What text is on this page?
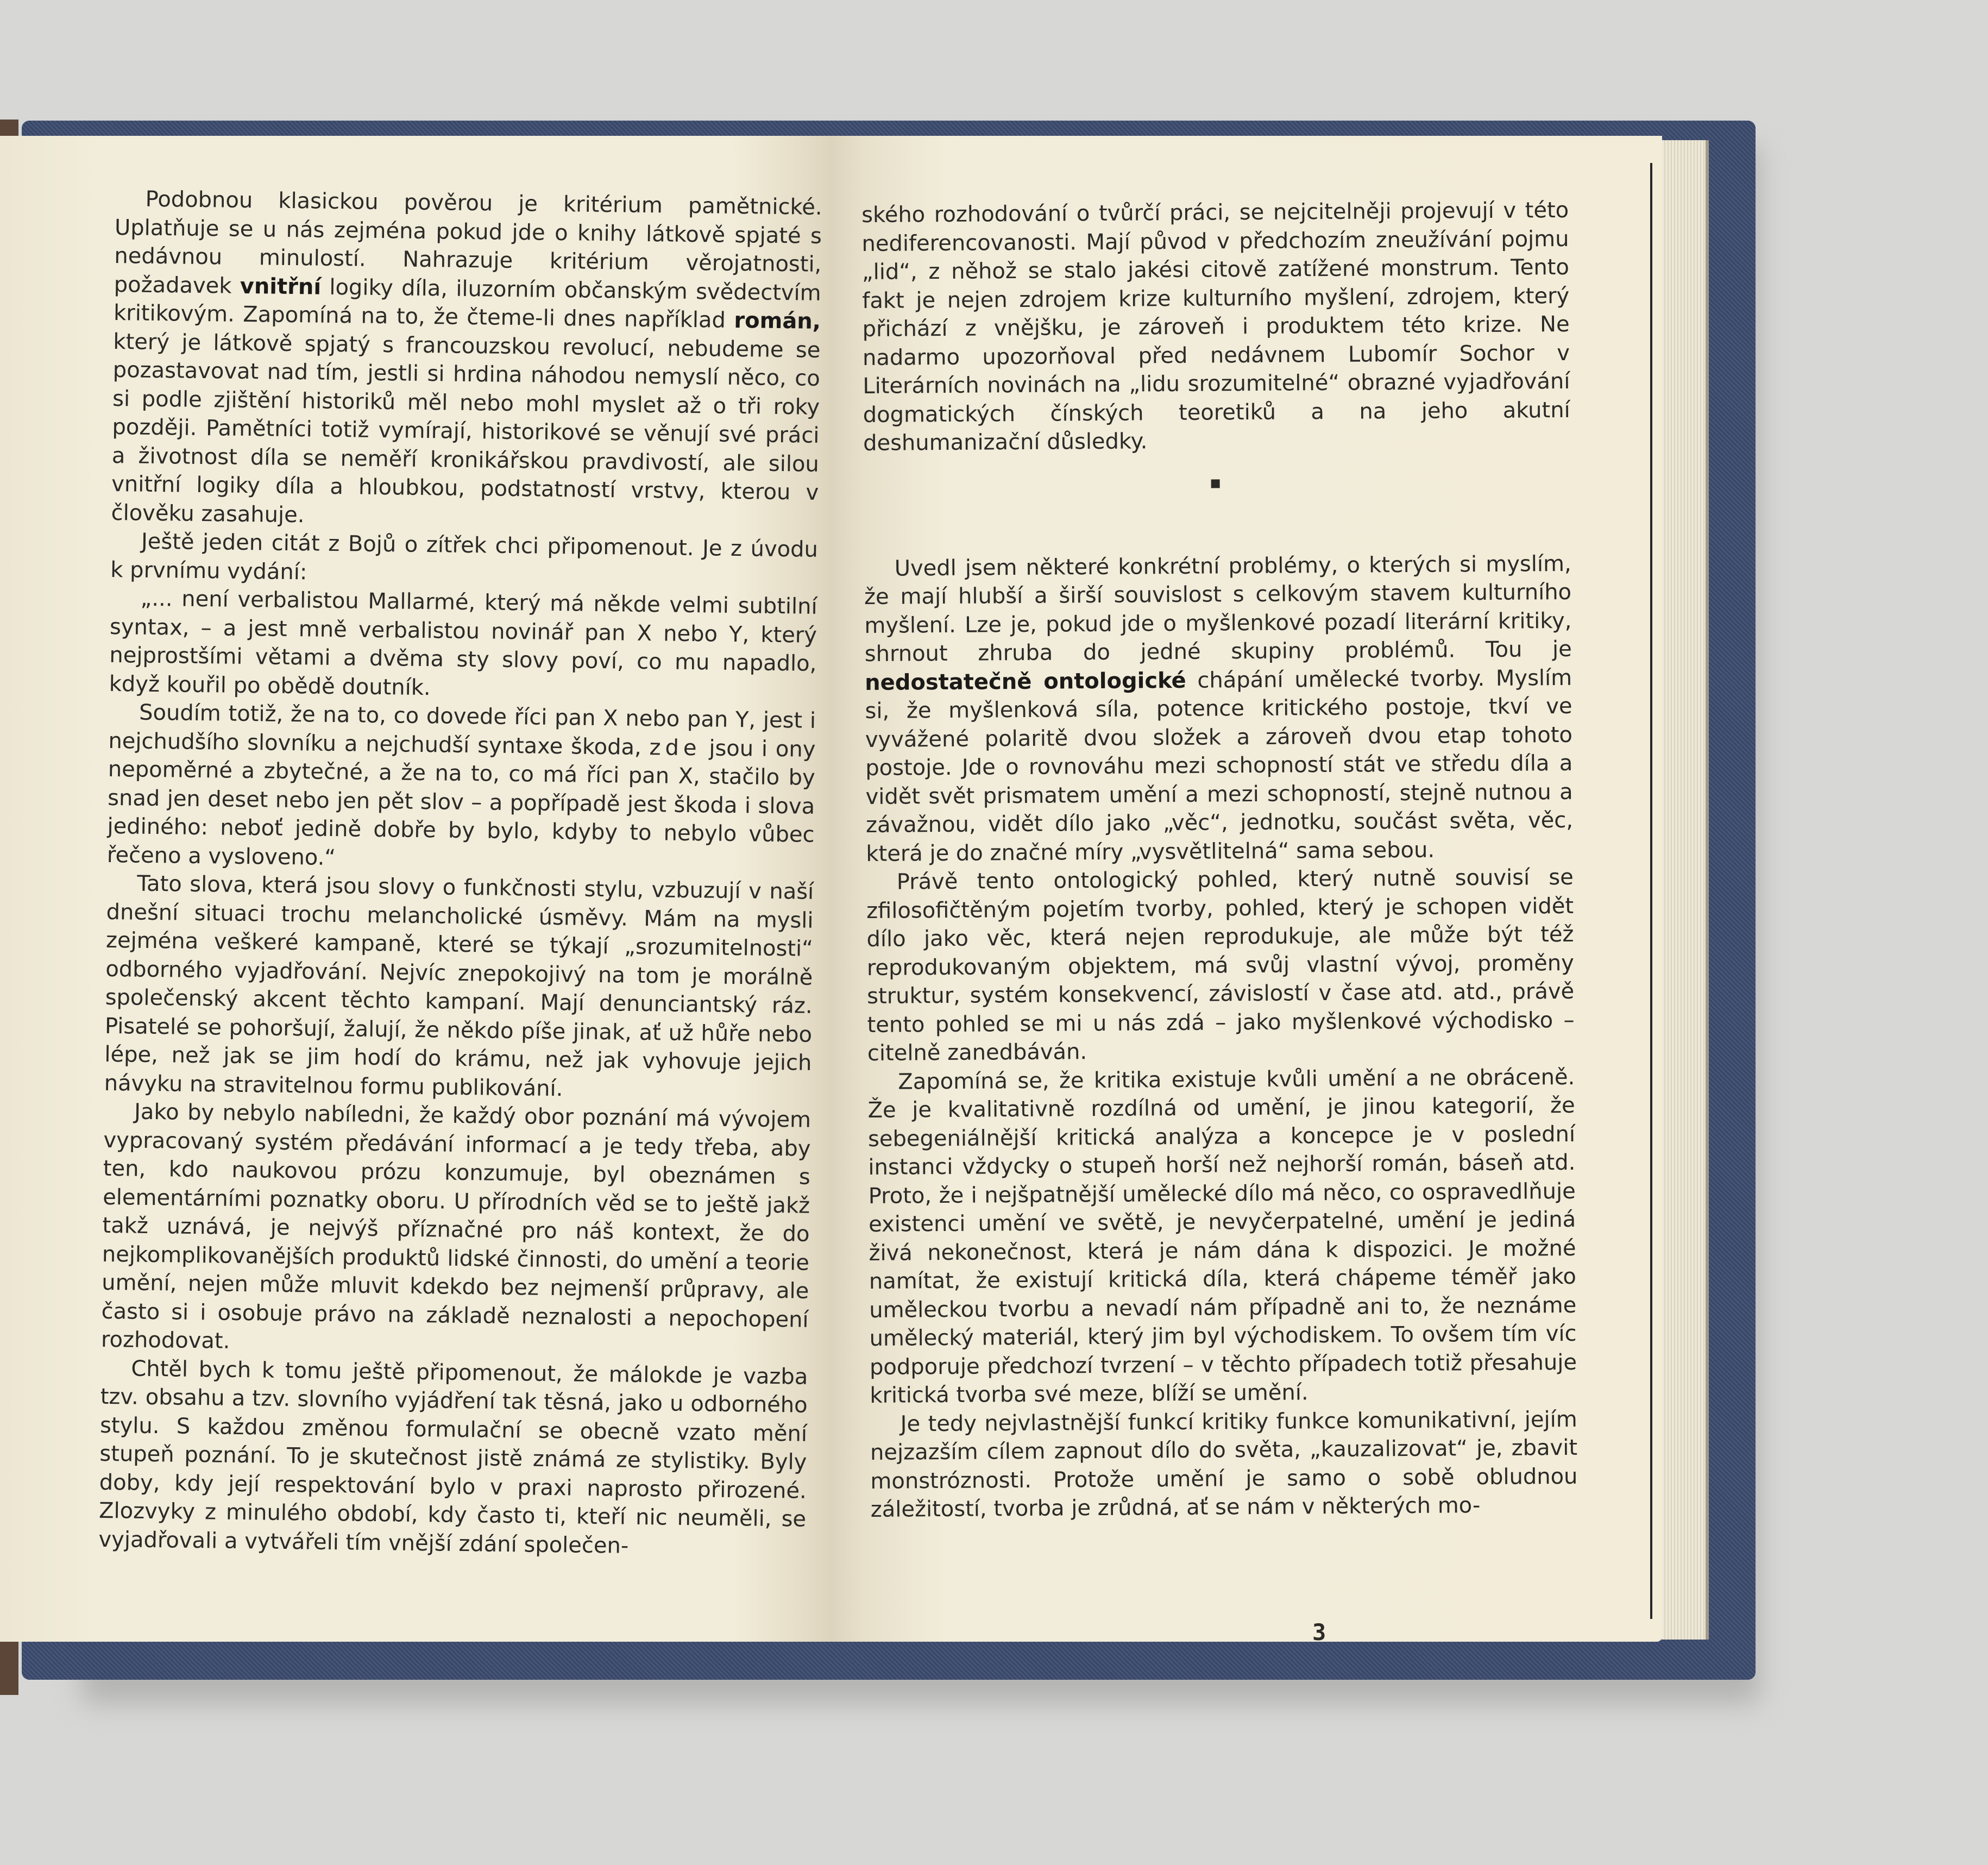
Podobnou klasickou pověrou je kritérium pamětnické. Uplatňuje se u nás zejména pokud jde o knihy látkově spjaté s nedávnou minulostí. Nahrazuje kritérium věrojatnosti, požadavek vnitřní logiky díla, iluzorním občanským svědectvím kritikovým. Zapomíná na to, že čteme-li dnes například román, který je látkově spjatý s francouzskou revolucí, nebudeme se pozastavovat nad tím, jestli si hrdina náhodou nemyslí něco, co si podle zjištění historiků měl nebo mohl myslet až o tři roky později. Pamětníci totiž vymírají, historikové se věnují své práci a životnost díla se neměří kronikářskou pravdivostí, ale silou vnitřní logiky díla a hloubkou, podstatností vrstvy, kterou v člověku zasahuje.

Ještě jeden citát z Bojů o zítřek chci připomenout. Je z úvodu k prvnímu vydání:

„... není verbalistou Mallarmé, který má někde velmi subtilní syntax, – a jest mně verbalistou novinář pan X nebo Y, který nejprostšími větami a dvěma sty slovy poví, co mu napadlo, když kouřil po obědě doutník.

Soudím totiž, že na to, co dovede říci pan X nebo pan Y, jest i nejchudšího slovníku a nejchudší syntaxe škoda, zde jsou i ony nepoměrné a zbytečné, a že na to, co má říci pan X, stačilo by snad jen deset nebo jen pět slov – a popřípadě jest škoda i slova jediného: neboť jedině dobře by bylo, kdyby to nebylo vůbec řečeno a vysloveno.“

Tato slova, která jsou slovy o funkčnosti stylu, vzbuzují v naší dnešní situaci trochu melancholické úsměvy. Mám na mysli zejména veškeré kampaně, které se týkají „srozumitelnosti“ odborného vyjadřování. Nejvíc znepokojivý na tom je morálně společenský akcent těchto kampaní. Mají denunciantský ráz. Pisatelé se pohoršují, žalují, že někdo píše jinak, ať už hůře nebo lépe, než jak se jim hodí do krámu, než jak vyhovuje jejich návyku na stravitelnou formu publikování.

Jako by nebylo nabíledni, že každý obor poznání má vývojem vypracovaný systém předávání informací a je tedy třeba, aby ten, kdo naukovou prózu konzumuje, byl obeznámen s elementárními poznatky oboru. U přírodních věd se to ještě jakž takž uznává, je nejvýš příznačné pro náš kontext, že do nejkomplikovanějších produktů lidské činnosti, do umění a teorie umění, nejen může mluvit kdekdo bez nejmenší průpravy, ale často si i osobuje právo na základě neznalosti a nepochopení rozhodovat.

Chtěl bych k tomu ještě připomenout, že málokde je vazba tzv. obsahu a tzv. slovního vyjádření tak těsná, jako u odborného stylu. S každou změnou formulační se obecně vzato mění stupeň poznání. To je skutečnost jistě známá ze stylistiky. Byly doby, kdy její respektování bylo v praxi naprosto přirozené. Zlozvyky z minulého období, kdy často ti, kteří nic neuměli, se vyjadřovali a vytvářeli tím vnější zdání společen-

ského rozhodování o tvůrčí práci, se nejcitelněji projevují v této nediferencovanosti. Mají původ v předchozím zneužívání pojmu „lid“, z něhož se stalo jakési citově zatížené monstrum. Tento fakt je nejen zdrojem krize kulturního myšlení, zdrojem, který přichází z vnějšku, je zároveň i produktem této krize. Ne nadarmo upozorňoval před nedávnem Lubomír Sochor v Literárních novinách na „lidu srozumitelné“ obrazné vyjadřování dogmatických čínských teoretiků a na jeho akutní deshumanizační důsledky.

Uvedl jsem některé konkrétní problémy, o kterých si myslím, že mají hlubší a širší souvislost s celkovým stavem kulturního myšlení. Lze je, pokud jde o myšlenkové pozadí literární kritiky, shrnout zhruba do jedné skupiny problémů. Tou je nedostatečně ontologické chápání umělecké tvorby. Myslím si, že myšlenková síla, potence kritického postoje, tkví ve vyvážené polaritě dvou složek a zároveň dvou etap tohoto postoje. Jde o rovnováhu mezi schopností stát ve středu díla a vidět svět prismatem umění a mezi schopností, stejně nutnou a závažnou, vidět dílo jako „věc“, jednotku, součást světa, věc, která je do značné míry „vysvětlitelná“ sama sebou.

Právě tento ontologický pohled, který nutně souvisí se zfilosofičtěným pojetím tvorby, pohled, který je schopen vidět dílo jako věc, která nejen reprodukuje, ale může být též reprodukovaným objektem, má svůj vlastní vývoj, proměny struktur, systém konsekvencí, závislostí v čase atd. atd., právě tento pohled se mi u nás zdá – jako myšlenkové východisko – citelně zanedbáván.

Zapomíná se, že kritika existuje kvůli umění a ne obráceně. Že je kvalitativně rozdílná od umění, je jinou kategorií, že sebegeniálnější kritická analýza a koncepce je v poslední instanci vždycky o stupeň horší než nejhorší román, báseň atd. Proto, že i nejšpatnější umělecké dílo má něco, co ospravedlňuje existenci umění ve světě, je nevyčerpatelné, umění je jediná živá nekonečnost, která je nám dána k dispozici. Je možné namítat, že existují kritická díla, která chápeme téměř jako uměleckou tvorbu a nevadí nám případně ani to, že neznáme umělecký materiál, který jim byl východiskem. To ovšem tím víc podporuje předchozí tvrzení – v těchto případech totiž přesahuje kritická tvorba své meze, blíží se umění.

Je tedy nejvlastnější funkcí kritiky funkce komunikativní, jejím nejzazším cílem zapnout dílo do světa, „kauzalizovat“ je, zbavit monstróznosti. Protože umění je samo o sobě obludnou záležitostí, tvorba je zrůdná, ať se nám v některých mo-

3
